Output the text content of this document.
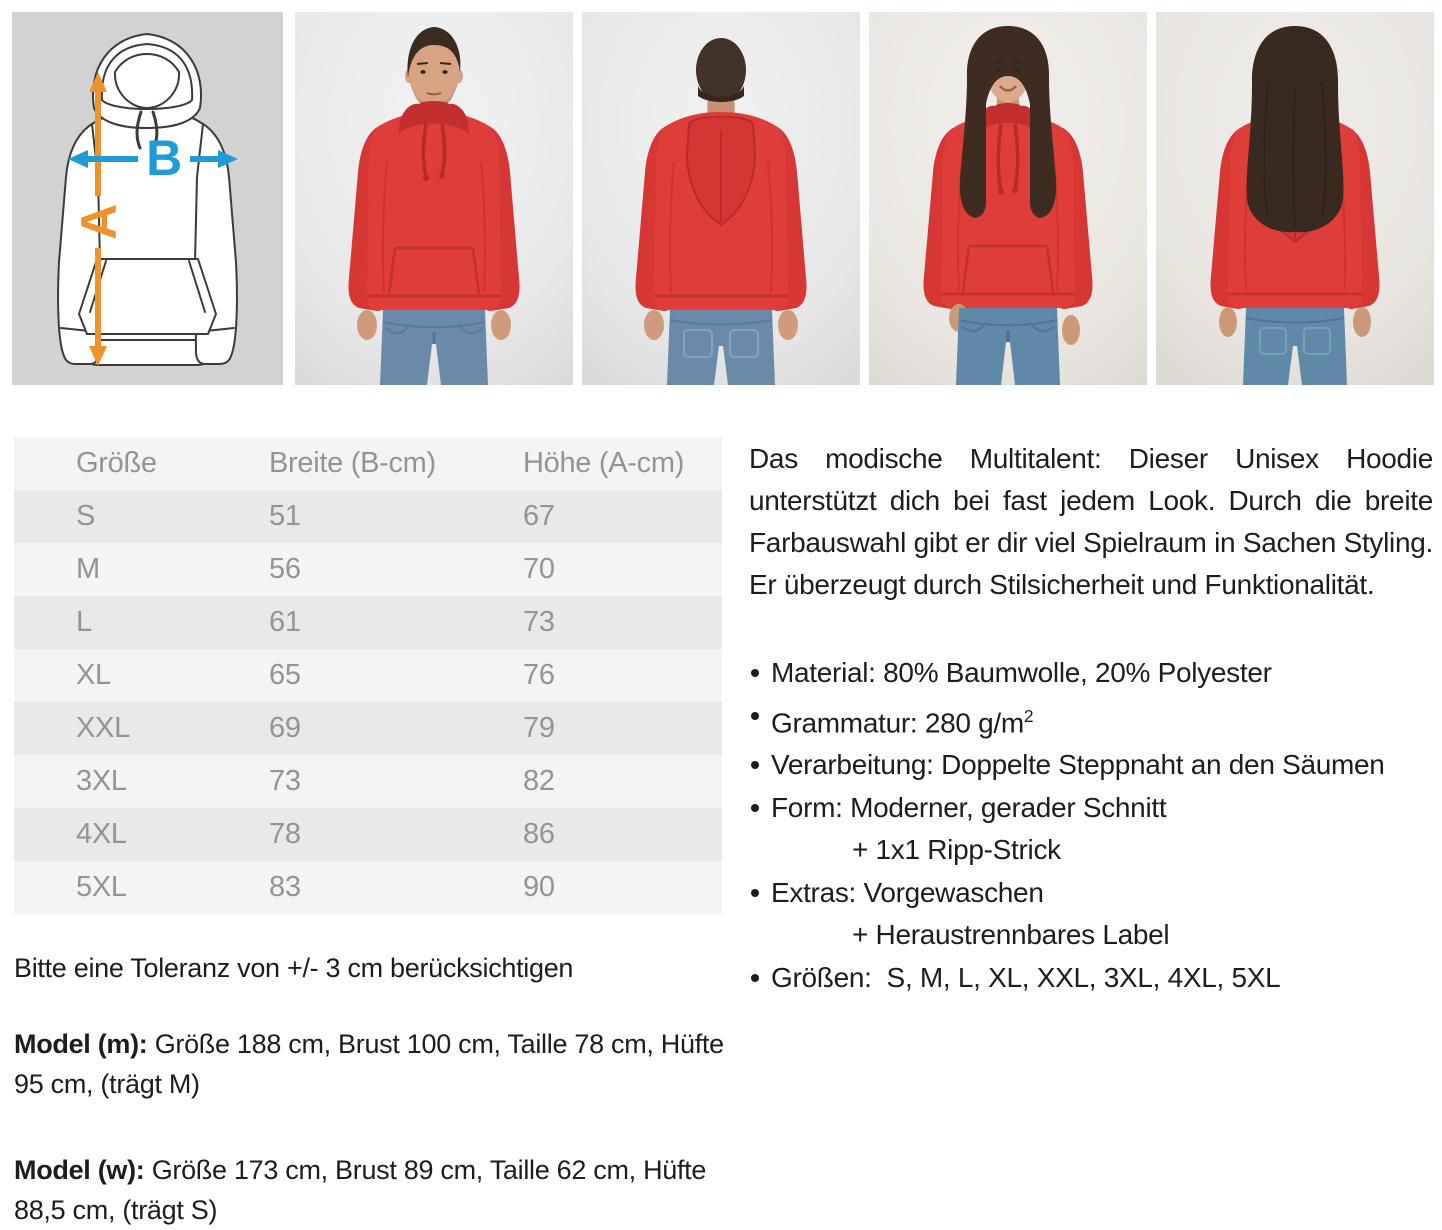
A
B
Größe	Breite (B-cm)	Höhe (A-cm)
S	51	67
M	56	70
L	61	73
XL	65	76
XXL	69	79
3XL	73	82
4XL	78	86
5XL	83	90

Bitte eine Toleranz von +/- 3 cm berücksichtigen

Model (m): Größe 188 cm, Brust 100 cm, Taille 78 cm, Hüfte 95 cm, (trägt M)

Model (w): Größe 173 cm, Brust 89 cm, Taille 62 cm, Hüfte 88,5 cm, (trägt S)

Das modische Multitalent: Dieser Unisex Hoodie unterstützt dich bei fast jedem Look. Durch die breite Farbauswahl gibt er dir viel Spielraum in Sachen Styling. Er überzeugt durch Stilsicherheit und Funktionalität.

Material: 80% Baumwolle, 20% Polyester
Grammatur: 280 $g/m^2$
Verarbeitung: Doppelte Steppnaht an den Säumen
Form: Moderner, gerader Schnitt
+ 1x1 Ripp-Strick
Extras: Vorgewaschen
+ Heraustrennbares Label
Größen:  S, M, L, XL, XXL, 3XL, 4XL, 5XL
